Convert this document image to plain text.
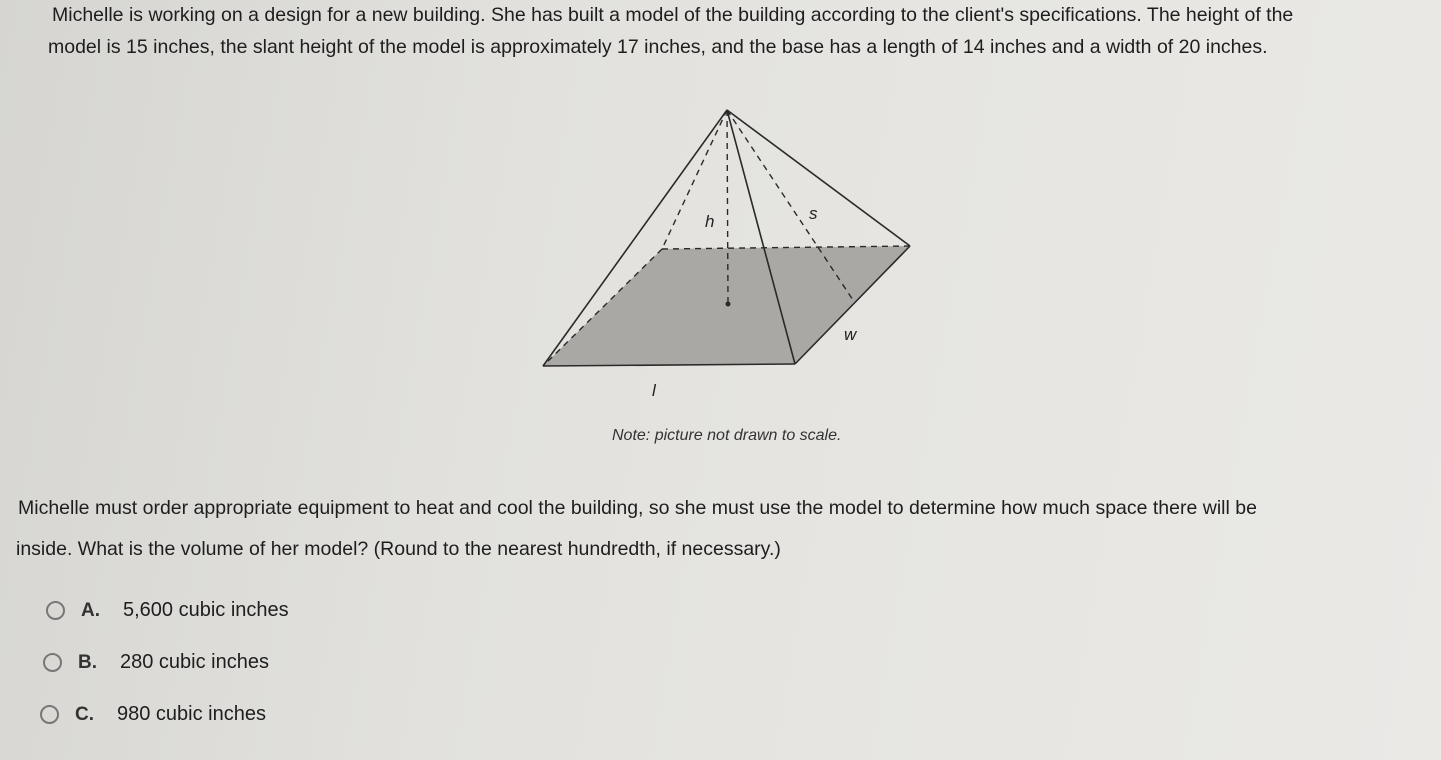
Michelle is working on a design for a new building. She has built a model of the building according to the client's specifications. The height of the
model is 15 inches, the slant height of the model is approximately 17 inches, and the base has a length of 14 inches and a width of 20 inches.
h	s
w
l
Note: picture not drawn to scale.
Michelle must order appropriate equipment to heat and cool the building, so she must use the model to determine how much space there will be
inside. What is the volume of her model? (Round to the nearest hundredth, if necessary.)
A.	5,600 cubic inches
B.	280 cubic inches
C.	980 cubic inches
